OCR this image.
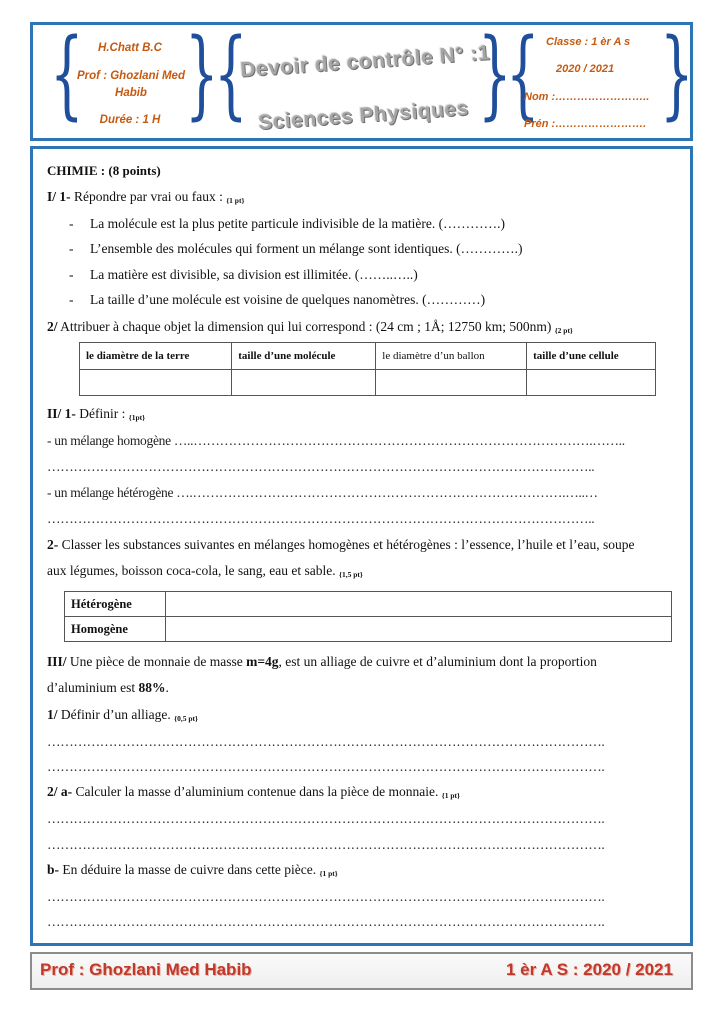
{ }
{ }
{ }
H.Chatt B.C
Prof : Ghozlani Med Habib
Durée : 1 H
Devoir de contrôle N° :1
Sciences Physiques
Classe : 1 èr A s
2020 / 2021
Nom :……………………..
Prén :…………………….
CHIMIE : (8 points)
I/ 1- Répondre par vrai ou faux : {1 pt}
- La molécule est la plus petite particule indivisible de la matière. (………….)
- L’ensemble des molécules qui forment un mélange sont identiques. (………….)
- La matière est divisible, sa division est illimitée. (……..…..)
- La taille d’une molécule est voisine de quelques nanomètres. (…………)
2/ Attribuer à chaque objet la dimension qui lui correspond : (24 cm ; 1Å; 12750 km; 500nm) {2 pt}
le diamètre de la terre	taille d’une molécule	le diamètre d’un ballon	taille d’une cellule

II/ 1- Définir : {1pt}
- un mélange homogène …..……………………………………………………………………………….……..
……………………………………………………………………………………………………………..
- un mélange hétérogène ….………………………………………………………………………….…..…
……………………………………………………………………………………………………………..
2- Classer les substances suivantes en mélanges homogènes et hétérogènes : l’essence, l’huile et l’eau, soupe
aux légumes, boisson coca-cola, le sang, eau et sable. {1,5 pt}
Hétérogène	
Homogène	
III/ Une pièce de monnaie de masse m=4g, est un alliage de cuivre et d’aluminium dont la proportion
d’aluminium est 88%.
1/ Définir d’un alliage. {0,5 pt}
……………………………………………………………………………………………………………….
……………………………………………………………………………………………………………….
2/ a- Calculer la masse d’aluminium contenue dans la pièce de monnaie. {1 pt}
……………………………………………………………………………………………………………….
……………………………………………………………………………………………………………….
b- En déduire la masse de cuivre dans cette pièce. {1 pt}
……………………………………………………………………………………………………………….
……………………………………………………………………………………………………………….
Prof : Ghozlani Med Habib	1 èr A S : 2020 / 2021
